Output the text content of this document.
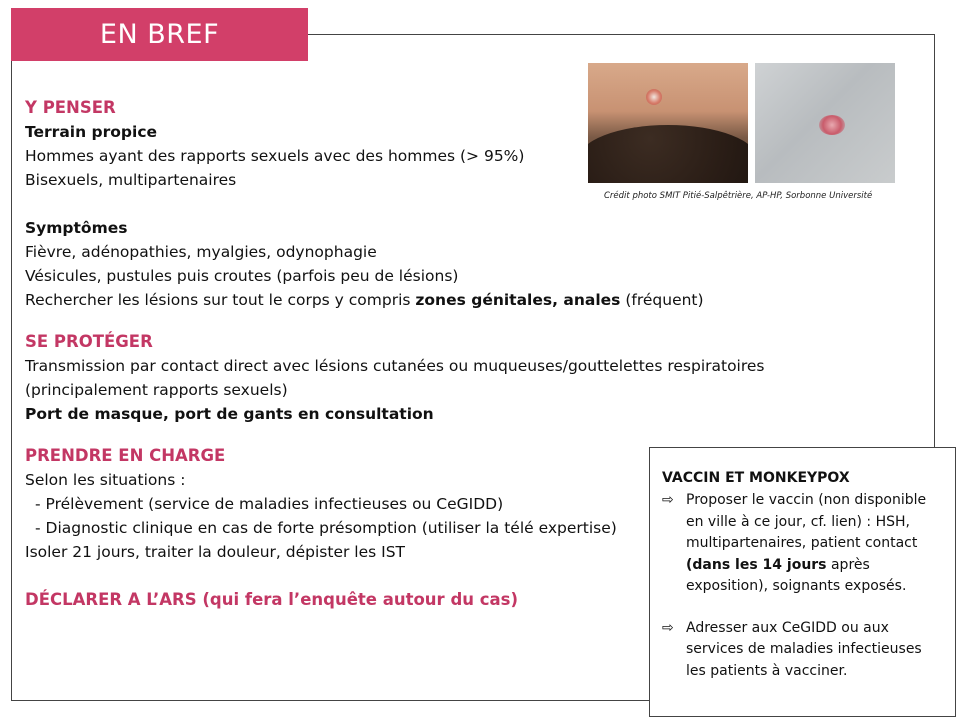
EN BREF
Crédit photo SMIT Pitié-Salpêtrière, AP-HP, Sorbonne Université
Y PENSER
Terrain propice
Hommes ayant des rapports sexuels avec des hommes (> 95%)
Bisexuels, multipartenaires
Symptômes
Fièvre, adénopathies, myalgies, odynophagie
Vésicules, pustules puis croutes (parfois peu de lésions)
Rechercher les lésions sur tout le corps y compris zones génitales, anales (fréquent)
SE PROTÉGER
Transmission par contact direct avec lésions cutanées ou muqueuses/gouttelettes respiratoires
(principalement rapports sexuels)
Port de masque, port de gants en consultation
PRENDRE EN CHARGE
Selon les situations :
- Prélèvement (service de maladies infectieuses ou CeGIDD)
- Diagnostic clinique en cas de forte présomption (utiliser la télé expertise)
Isoler 21 jours, traiter la douleur, dépister les IST
DÉCLARER A L’ARS (qui fera l’enquête autour du cas)
VACCIN ET MONKEYPOX
⇨ Proposer le vaccin (non disponible en ville à ce jour, cf. lien) : HSH, multipartenaires, patient contact (dans les 14 jours après exposition), soignants exposés.
⇨ Adresser aux CeGIDD ou aux services de maladies infectieuses les patients à vacciner.
